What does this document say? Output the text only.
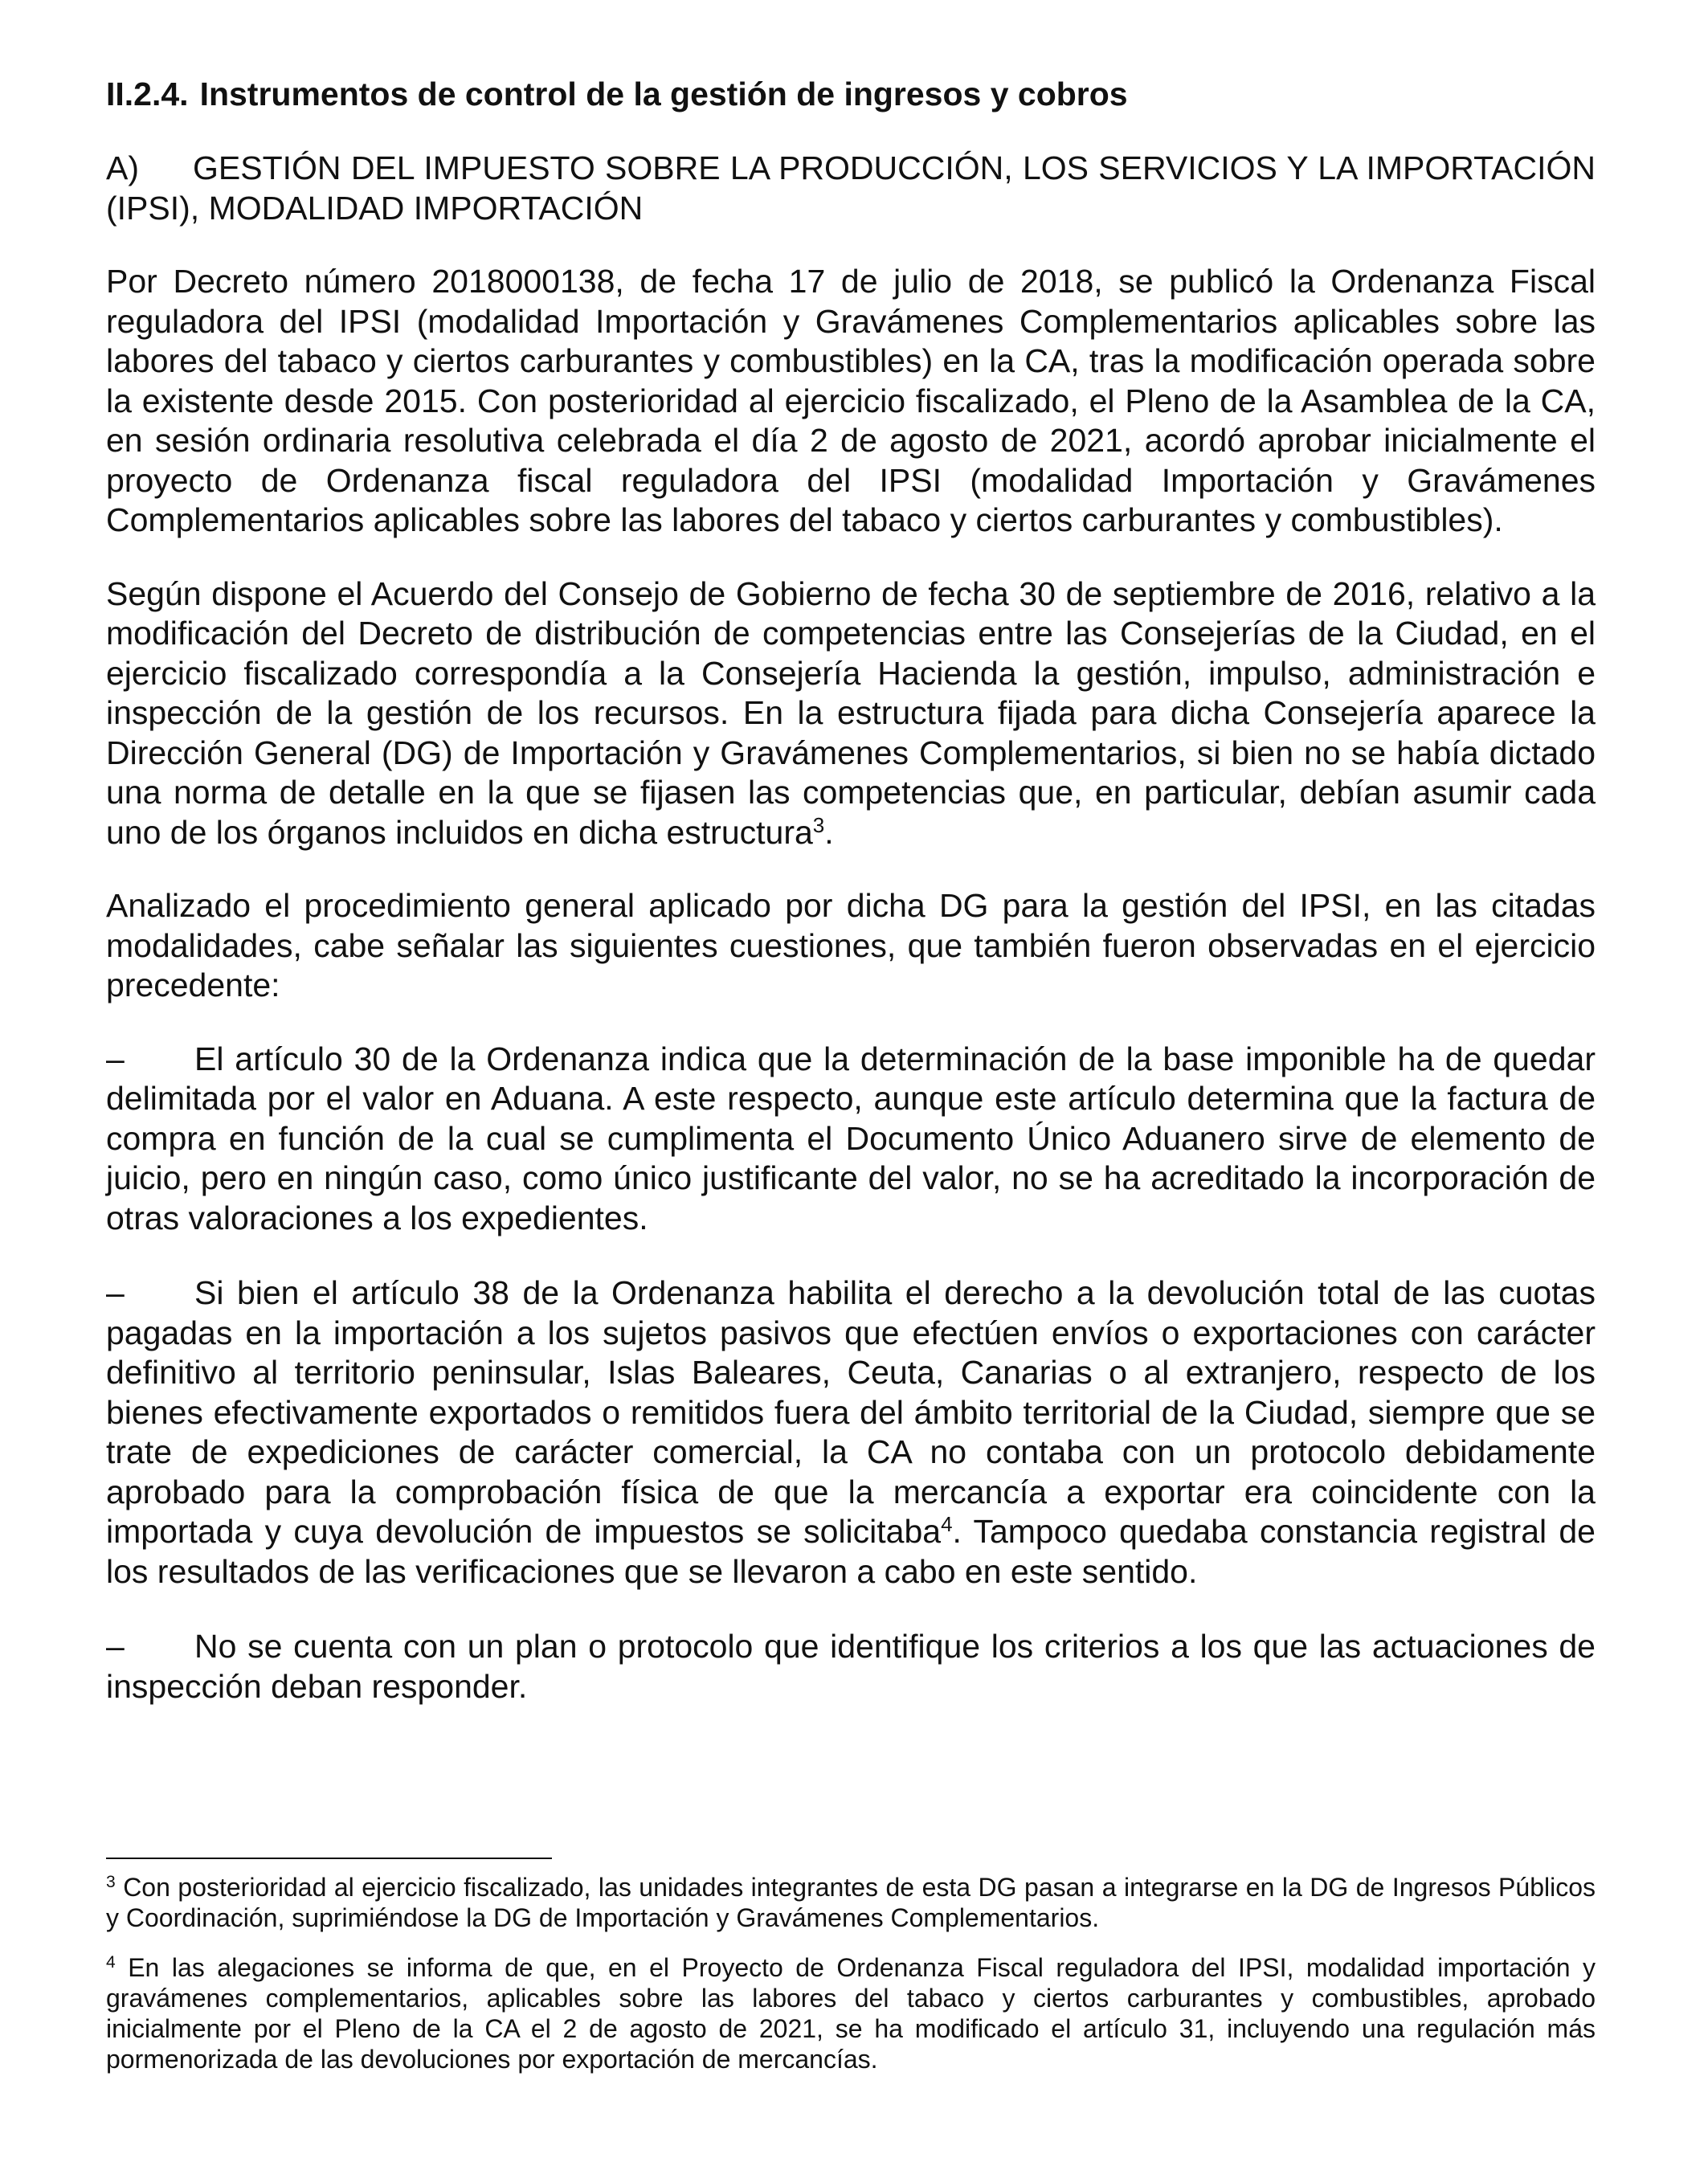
II.2.4. Instrumentos de control de la gestión de ingresos y cobros
A) GESTIÓN DEL IMPUESTO SOBRE LA PRODUCCIÓN, LOS SERVICIOS Y LA IMPORTACIÓN (IPSI), MODALIDAD IMPORTACIÓN

Por Decreto número 2018000138, de fecha 17 de julio de 2018, se publicó la Ordenanza Fiscal reguladora del IPSI (modalidad Importación y Gravámenes Complementarios aplicables sobre las labores del tabaco y ciertos carburantes y combustibles) en la CA, tras la modificación operada sobre la existente desde 2015. Con posterioridad al ejercicio fiscalizado, el Pleno de la Asamblea de la CA, en sesión ordinaria resolutiva celebrada el día 2 de agosto de 2021, acordó aprobar inicialmente el proyecto de Ordenanza fiscal reguladora del IPSI (modalidad Importación y Gravámenes Complementarios aplicables sobre las labores del tabaco y ciertos carburantes y combustibles).

Según dispone el Acuerdo del Consejo de Gobierno de fecha 30 de septiembre de 2016, relativo a la modificación del Decreto de distribución de competencias entre las Consejerías de la Ciudad, en el ejercicio fiscalizado correspondía a la Consejería Hacienda la gestión, impulso, administración e inspección de la gestión de los recursos. En la estructura fijada para dicha Consejería aparece la Dirección General (DG) de Importación y Gravámenes Complementarios, si bien no se había dictado una norma de detalle en la que se fijasen las competencias que, en particular, debían asumir cada uno de los órganos incluidos en dicha estructura$^3$.

Analizado el procedimiento general aplicado por dicha DG para la gestión del IPSI, en las citadas modalidades, cabe señalar las siguientes cuestiones, que también fueron observadas en el ejercicio precedente:

– El artículo 30 de la Ordenanza indica que la determinación de la base imponible ha de quedar delimitada por el valor en Aduana. A este respecto, aunque este artículo determina que la factura de compra en función de la cual se cumplimenta el Documento Único Aduanero sirve de elemento de juicio, pero en ningún caso, como único justificante del valor, no se ha acreditado la incorporación de otras valoraciones a los expedientes.
– Si bien el artículo 38 de la Ordenanza habilita el derecho a la devolución total de las cuotas pagadas en la importación a los sujetos pasivos que efectúen envíos o exportaciones con carácter definitivo al territorio peninsular, Islas Baleares, Ceuta, Canarias o al extranjero, respecto de los bienes efectivamente exportados o remitidos fuera del ámbito territorial de la Ciudad, siempre que se trate de expediciones de carácter comercial, la CA no contaba con un protocolo debidamente aprobado para la comprobación física de que la mercancía a exportar era coincidente con la importada y cuya devolución de impuestos se solicitaba$^4$. Tampoco quedaba constancia registral de los resultados de las verificaciones que se llevaron a cabo en este sentido.
– No se cuenta con un plan o protocolo que identifique los criterios a los que las actuaciones de inspección deban responder.

$^3$ Con posterioridad al ejercicio fiscalizado, las unidades integrantes de esta DG pasan a integrarse en la DG de Ingresos Públicos y Coordinación, suprimiéndose la DG de Importación y Gravámenes Complementarios.

$^4$ En las alegaciones se informa de que, en el Proyecto de Ordenanza Fiscal reguladora del IPSI, modalidad importación y gravámenes complementarios, aplicables sobre las labores del tabaco y ciertos carburantes y combustibles, aprobado inicialmente por el Pleno de la CA el 2 de agosto de 2021, se ha modificado el artículo 31, incluyendo una regulación más pormenorizada de las devoluciones por exportación de mercancías.
